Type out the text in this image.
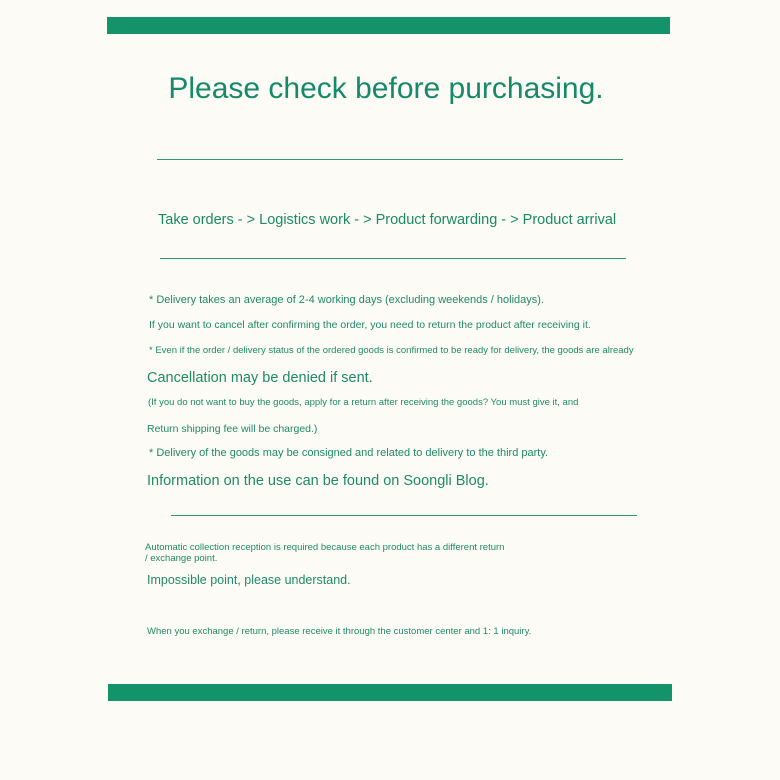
Please check before purchasing.
Take orders - > Logistics work - > Product forwarding - > Product arrival
* Delivery takes an average of 2-4 working days (excluding weekends / holidays).
If you want to cancel after confirming the order, you need to return the product after receiving it.
* Even if the order / delivery status of the ordered goods is confirmed to be ready for delivery, the goods are already
Cancellation may be denied if sent.
(If you do not want to buy the goods, apply for a return after receiving the goods? You must give it, and
Return shipping fee will be charged.)
* Delivery of the goods may be consigned and related to delivery to the third party.
Information on the use can be found on Soongli Blog.
Automatic collection reception is required because each product has a different return
/ exchange point.
Impossible point, please understand.
When you exchange / return, please receive it through the customer center and 1: 1 inquiry.
